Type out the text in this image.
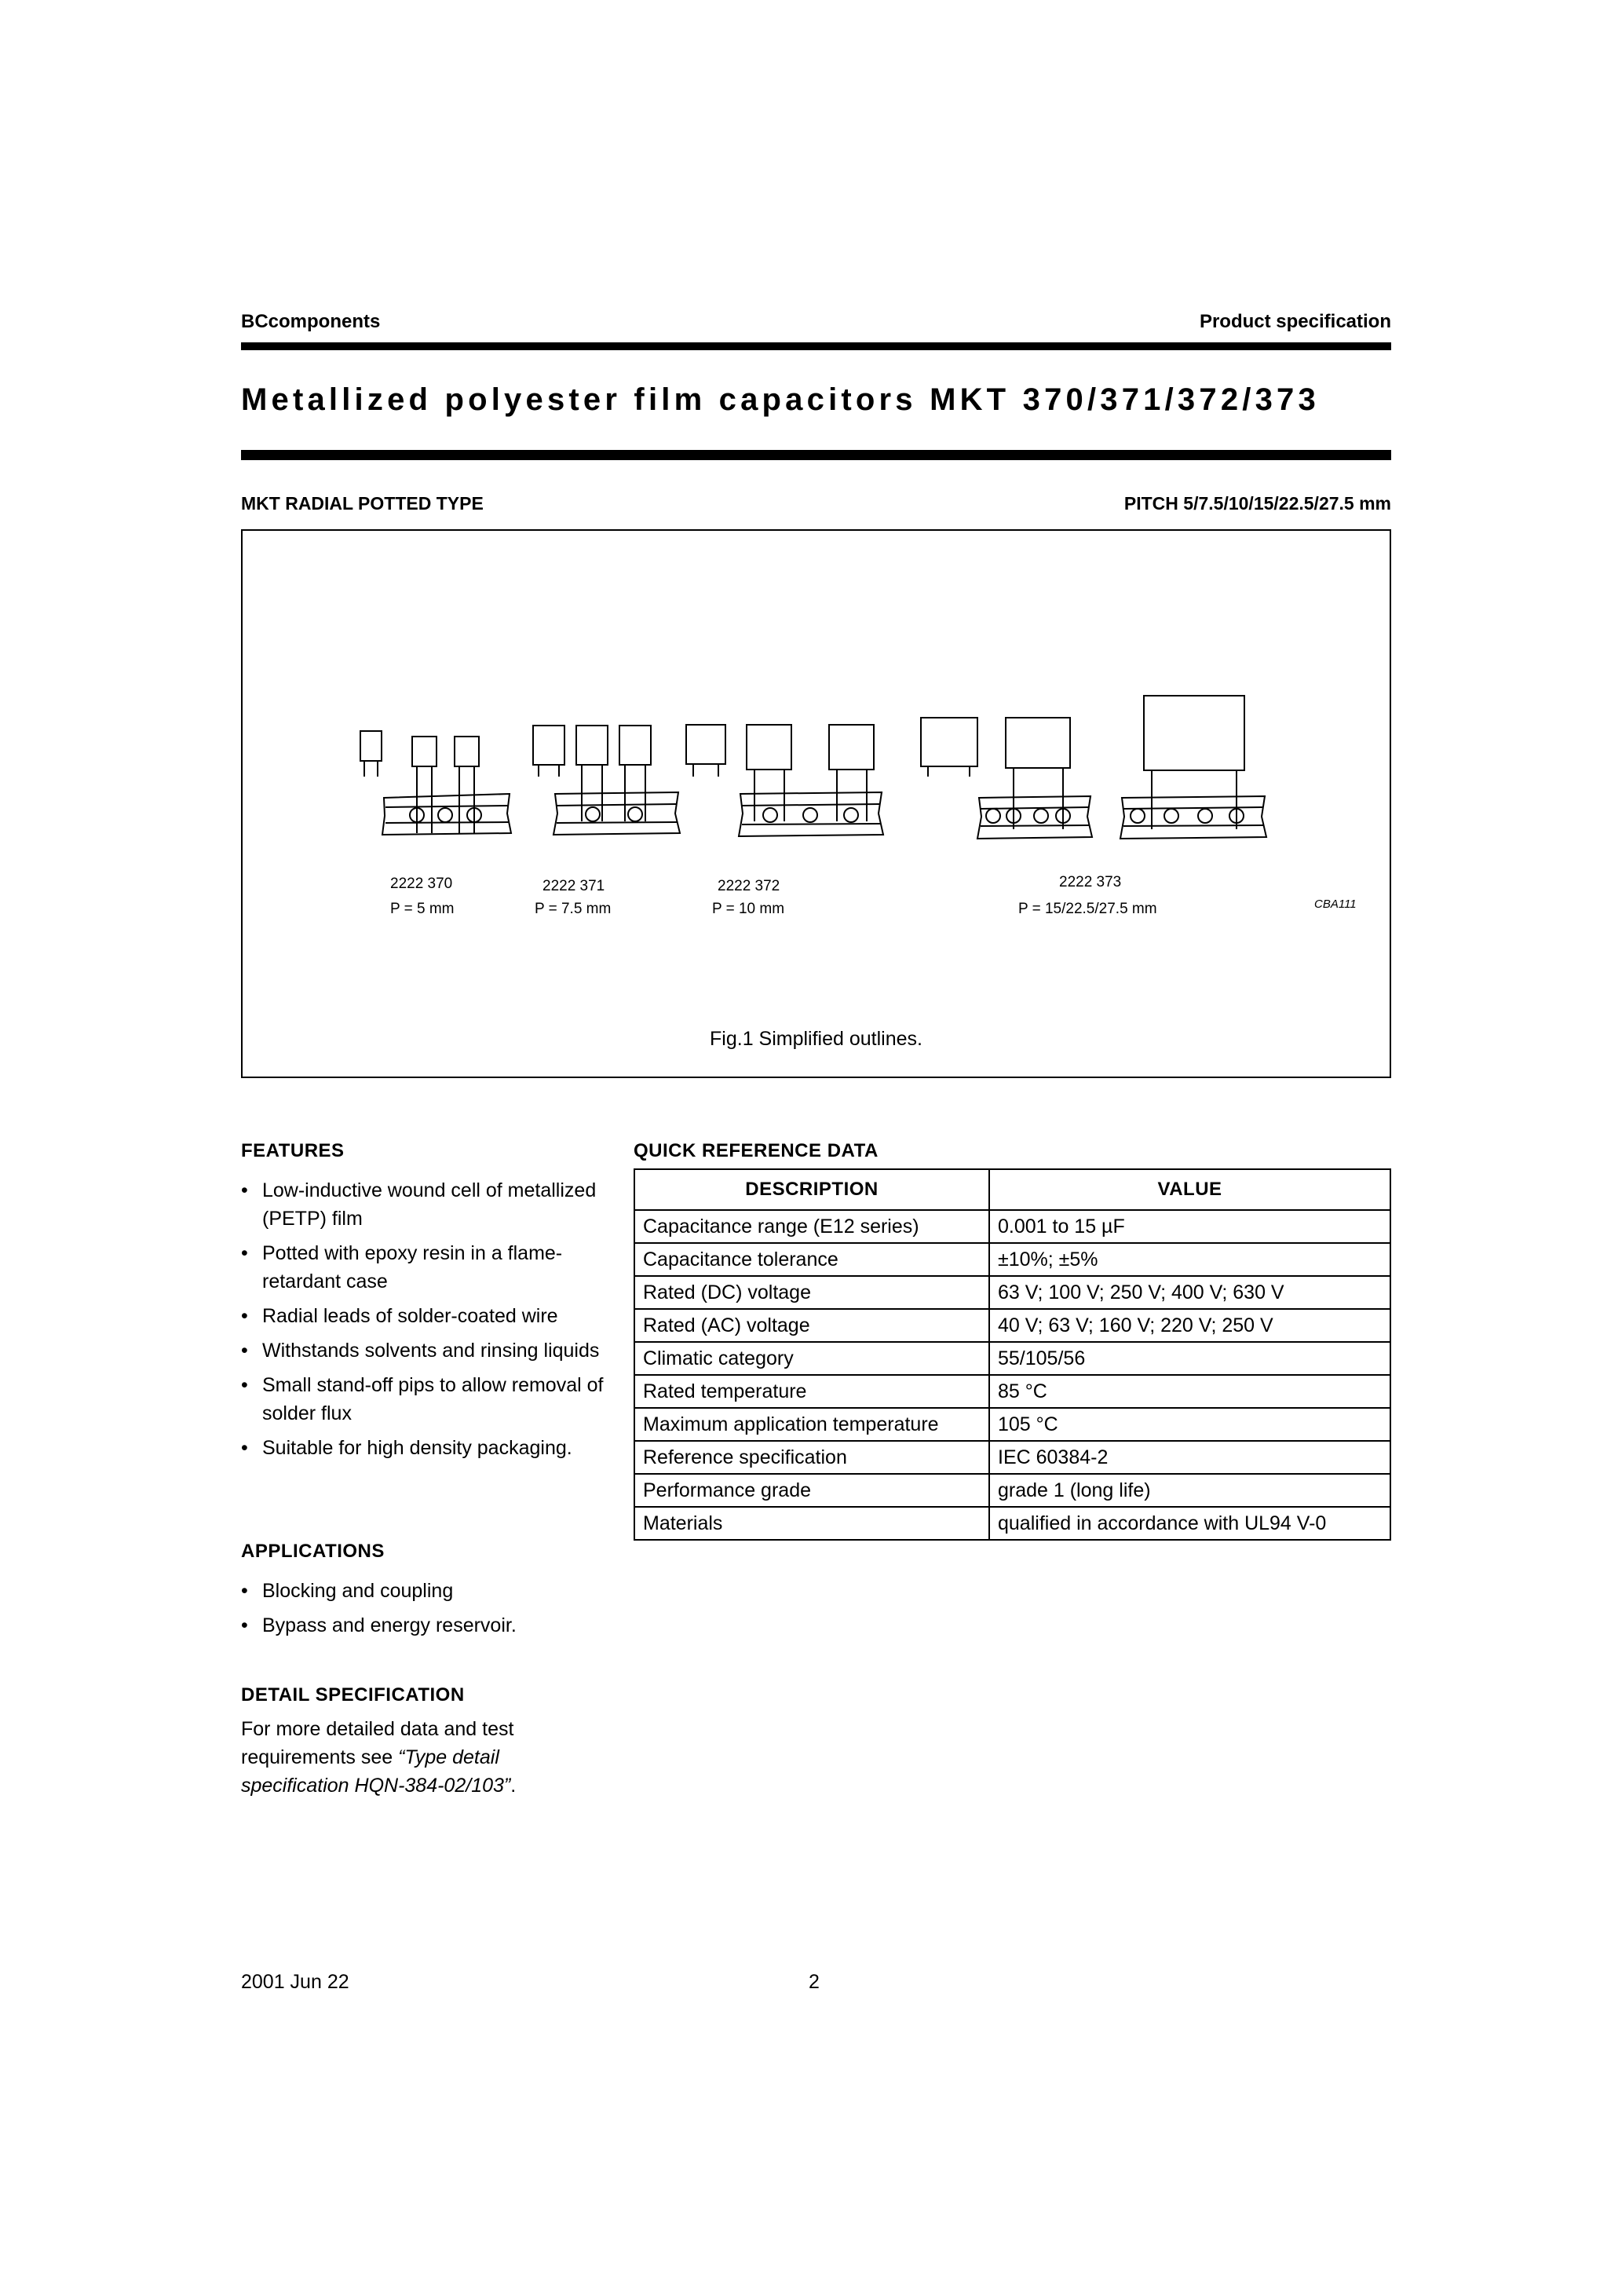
BCcomponents	Product specification
Metallized polyester film capacitors MKT 370/371/372/373
MKT RADIAL POTTED TYPE	PITCH 5/7.5/10/15/22.5/27.5 mm
2222 370
P = 5 mm
2222 371
P = 7.5 mm
2222 372
P = 10 mm
2222 373
P = 15/22.5/27.5 mm	CBA111
Fig.1 Simplified outlines.
FEATURES
• Low-inductive wound cell of metallized (PETP) film
• Potted with epoxy resin in a flame-retardant case
• Radial leads of solder-coated wire
• Withstands solvents and rinsing liquids
• Small stand-off pips to allow removal of solder flux
• Suitable for high density packaging.
APPLICATIONS
• Blocking and coupling
• Bypass and energy reservoir.
DETAIL SPECIFICATION
For more detailed data and test requirements see “Type detail specification HQN-384-02/103”.
QUICK REFERENCE DATA
DESCRIPTION	VALUE
Capacitance range (E12 series)	0.001 to 15 µF
Capacitance tolerance	±10%; ±5%
Rated (DC) voltage	63 V; 100 V; 250 V; 400 V; 630 V
Rated (AC) voltage	40 V; 63 V; 160 V; 220 V; 250 V
Climatic category	55/105/56
Rated temperature	85 °C
Maximum application temperature	105 °C
Reference specification	IEC 60384-2
Performance grade	grade 1 (long life)
Materials	qualified in accordance with UL94 V-0
2001 Jun 22	2
